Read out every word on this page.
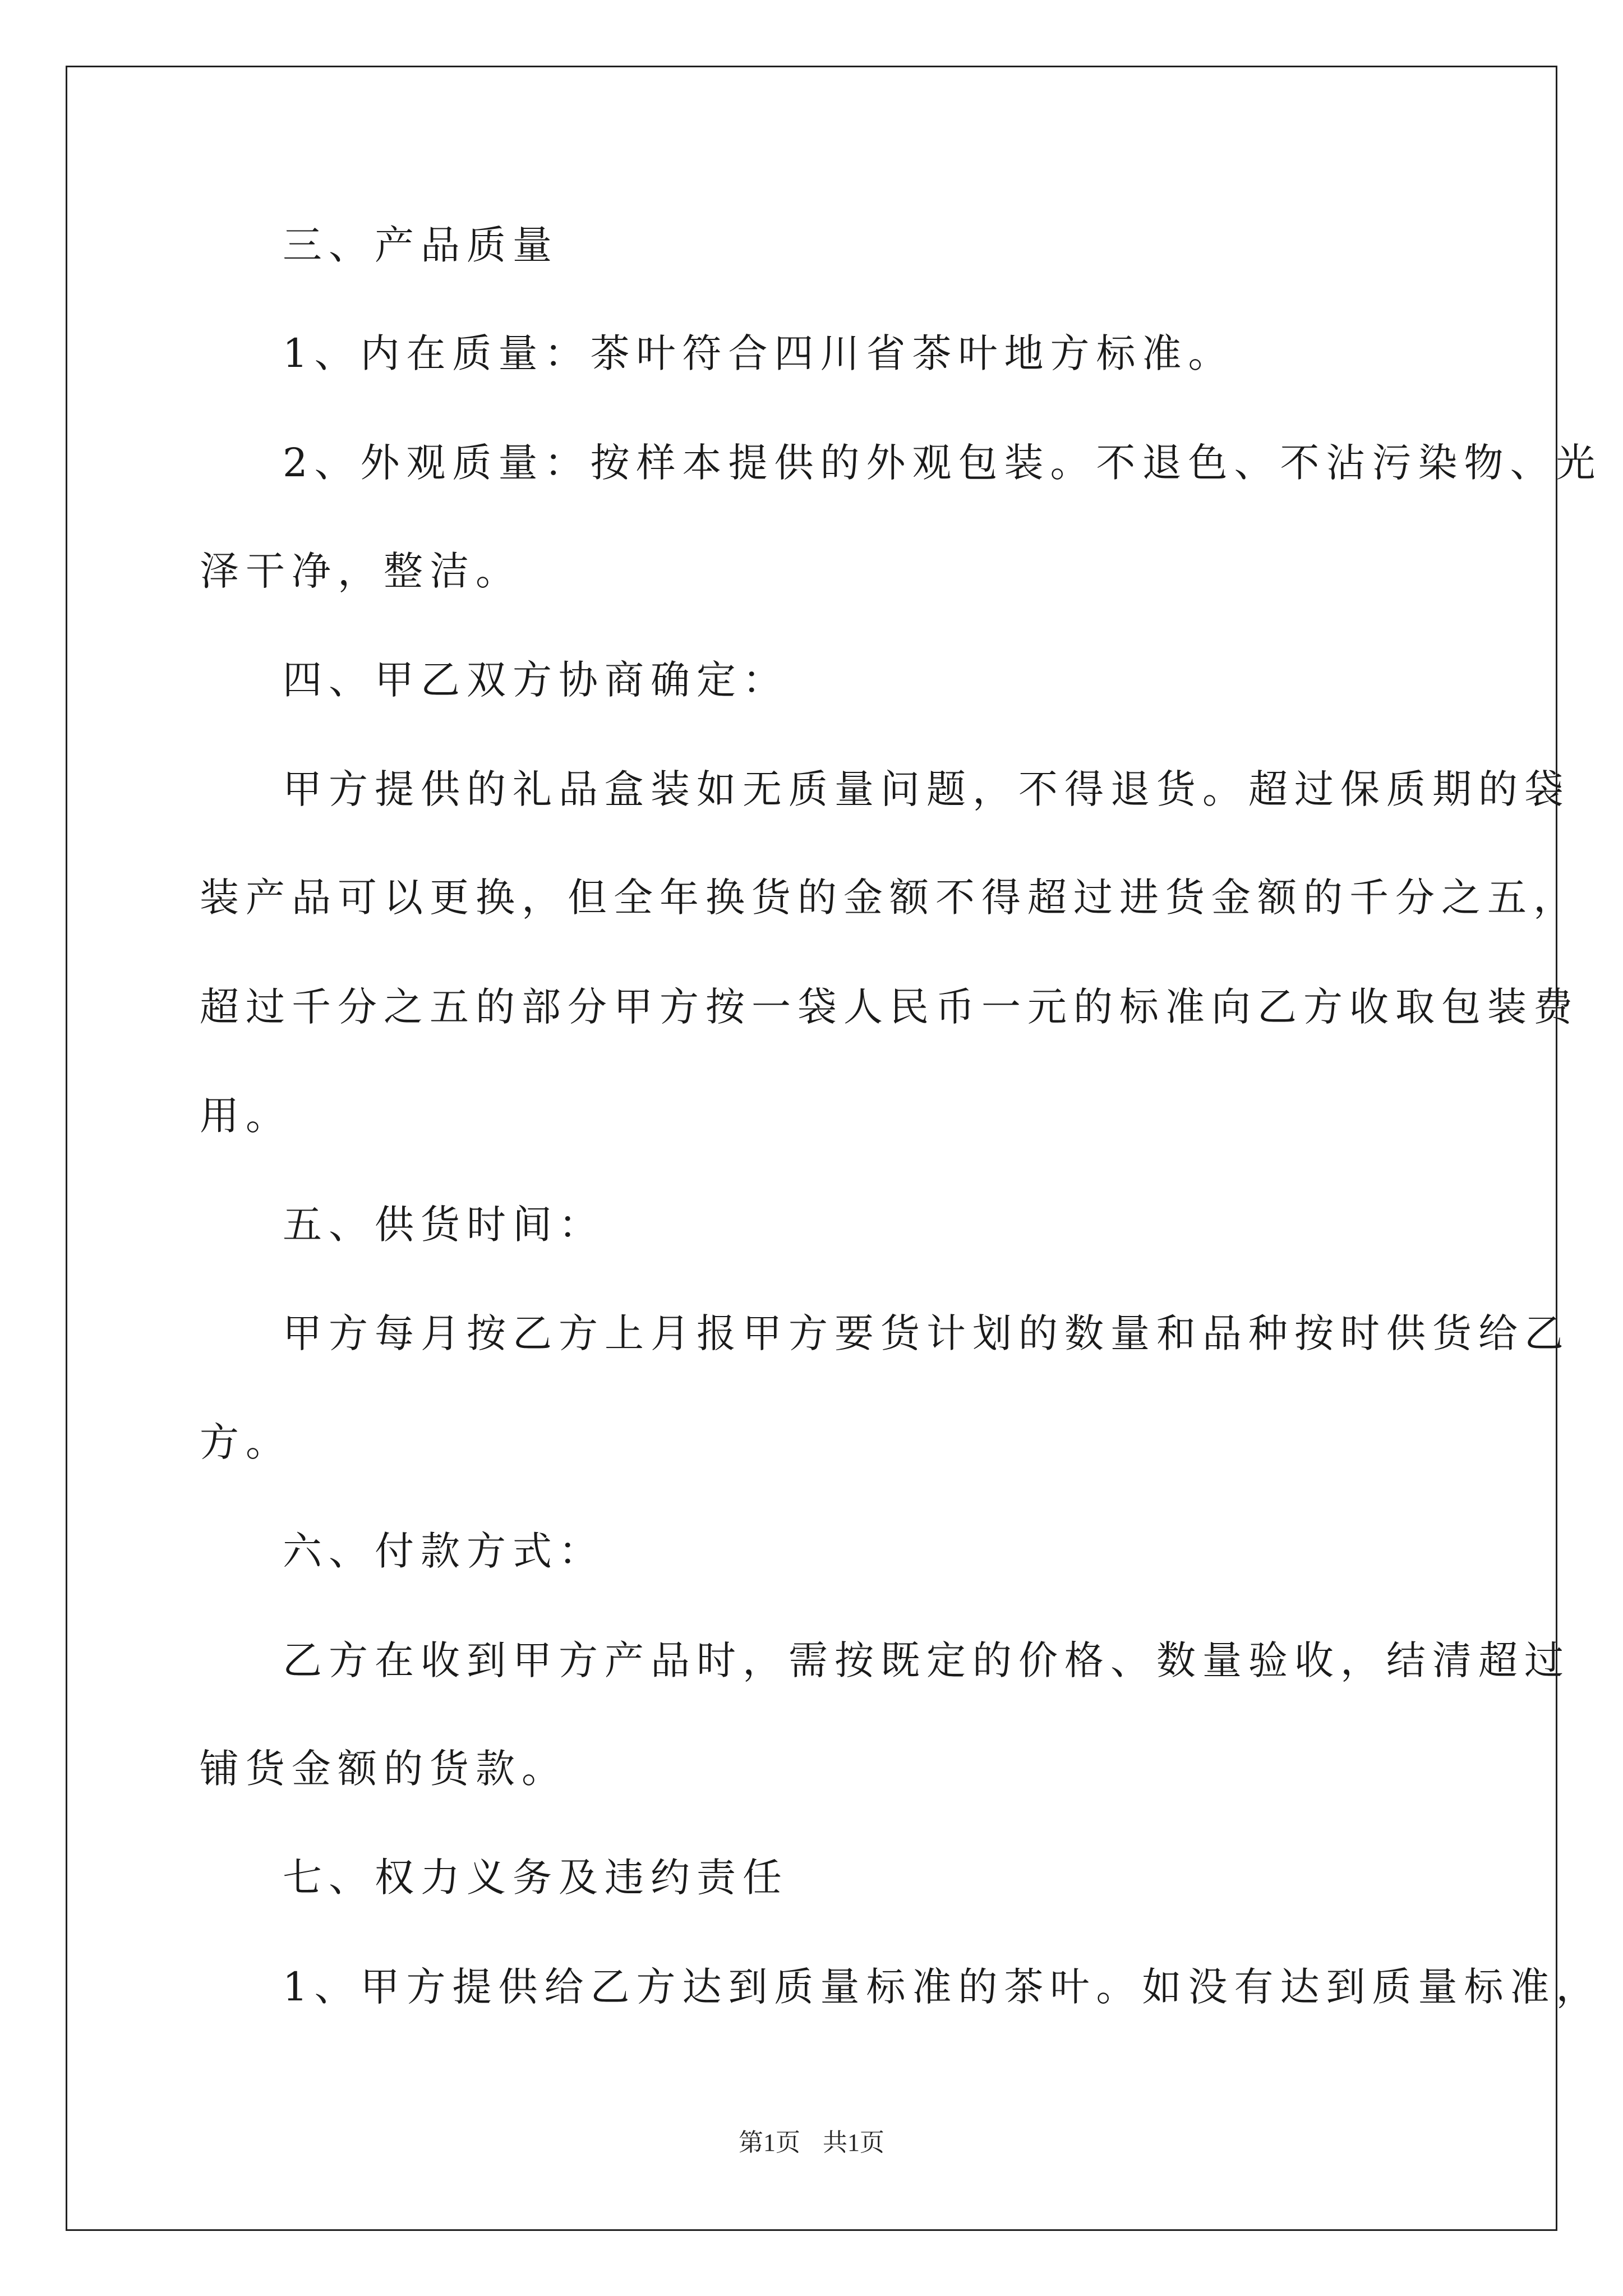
三、产品质量
1、内在质量：茶叶符合四川省茶叶地方标准。
2、外观质量：按样本提供的外观包装。不退色、不沾污染物、光
泽干净，整洁。
四、甲乙双方协商确定：
甲方提供的礼品盒装如无质量问题，不得退货。超过保质期的袋
装产品可以更换，但全年换货的金额不得超过进货金额的千分之五，
超过千分之五的部分甲方按一袋人民币一元的标准向乙方收取包装费
用。
五、供货时间：
甲方每月按乙方上月报甲方要货计划的数量和品种按时供货给乙
方。
六、付款方式：
乙方在收到甲方产品时，需按既定的价格、数量验收，结清超过
铺货金额的货款。
七、权力义务及违约责任
1、甲方提供给乙方达到质量标准的茶叶。如没有达到质量标准，
第1页 共1页
